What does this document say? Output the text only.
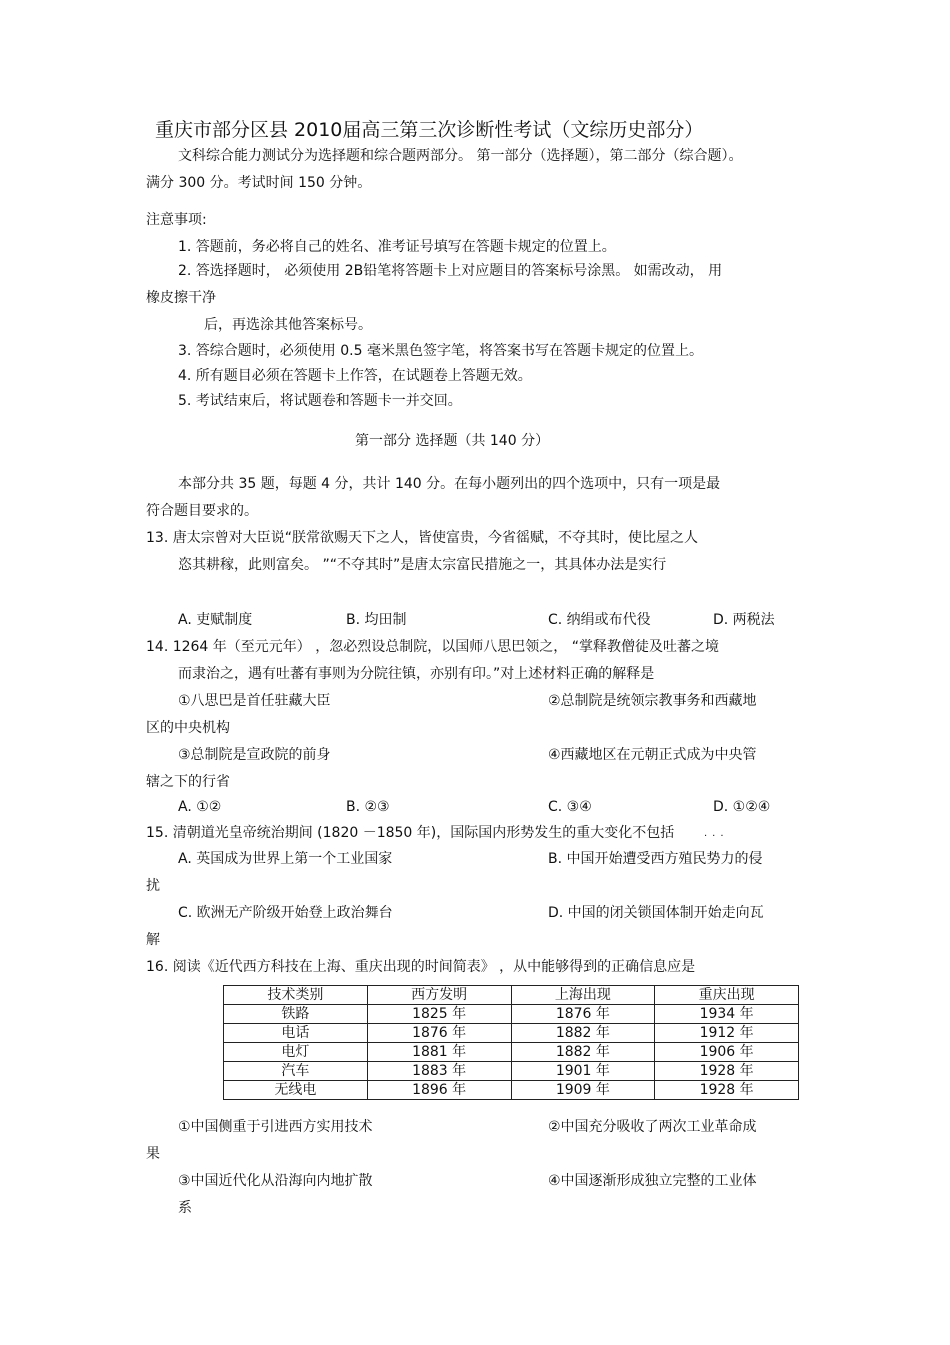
重庆市部分区县 2010届高三第三次诊断性考试（文综历史部分）
文科综合能力测试分为选择题和综合题两部分。 第一部分（选择题），第二部分（综合题）。
满分 300 分。考试时间 150 分钟。
注意事项:
1. 答题前，务必将自己的姓名、准考证号填写在答题卡规定的位置上。
2. 答选择题时， 必须使用 2B铅笔将答题卡上对应题目的答案标号涂黑。 如需改动， 用
橡皮擦干净
后，再选涂其他答案标号。
3. 答综合题时，必须使用 0.5 毫米黑色签字笔，将答案书写在答题卡规定的位置上。
4. 所有题目必须在答题卡上作答，在试题卷上答题无效。
5. 考试结束后，将试题卷和答题卡一并交回。
第一部分 选择题（共 140 分）
本部分共 35 题，每题 4 分，共计 140 分。在每小题列出的四个选项中，只有一项是最
符合题目要求的。
13. 唐太宗曾对大臣说“朕常欲赐天下之人，皆使富贵，今省徭赋，不夺其时，使比屋之人
恣其耕稼，此则富矣。 ”“不夺其时”是唐太宗富民措施之一，其具体办法是实行
A. 吏赋制度	B. 均田制	C. 纳绢或布代役	D. 两税法
14. 1264 年（至元元年） ，忽必烈设总制院，以国师八思巴领之， “掌释教僧徒及吐蕃之境
而隶治之，遇有吐蕃有事则为分院往镇，亦别有印。”对上述材料正确的解释是
①八思巴是首任驻藏大臣	②总制院是统领宗教事务和西藏地
区的中央机构
③总制院是宣政院的前身	④西藏地区在元朝正式成为中央管
辖之下的行省
A. ①②	B. ②③	C. ③④	D. ①②④
15. 清朝道光皇帝统治期间 (1820 －1850 年)，国际国内形势发生的重大变化不包括	...
A. 英国成为世界上第一个工业国家	B. 中国开始遭受西方殖民势力的侵
扰
C. 欧洲无产阶级开始登上政治舞台	D. 中国的闭关锁国体制开始走向瓦
解
16. 阅读《近代西方科技在上海、重庆出现的时间简表》 ，从中能够得到的正确信息应是
技术类别	西方发明	上海出现	重庆出现
铁路	1825 年	1876 年	1934 年
电话	1876 年	1882 年	1912 年
电灯	1881 年	1882 年	1906 年
汽车	1883 年	1901 年	1928 年
无线电	1896 年	1909 年	1928 年
①中国侧重于引进西方实用技术	②中国充分吸收了两次工业革命成
果
③中国近代化从沿海向内地扩散	④中国逐渐形成独立完整的工业体
系
